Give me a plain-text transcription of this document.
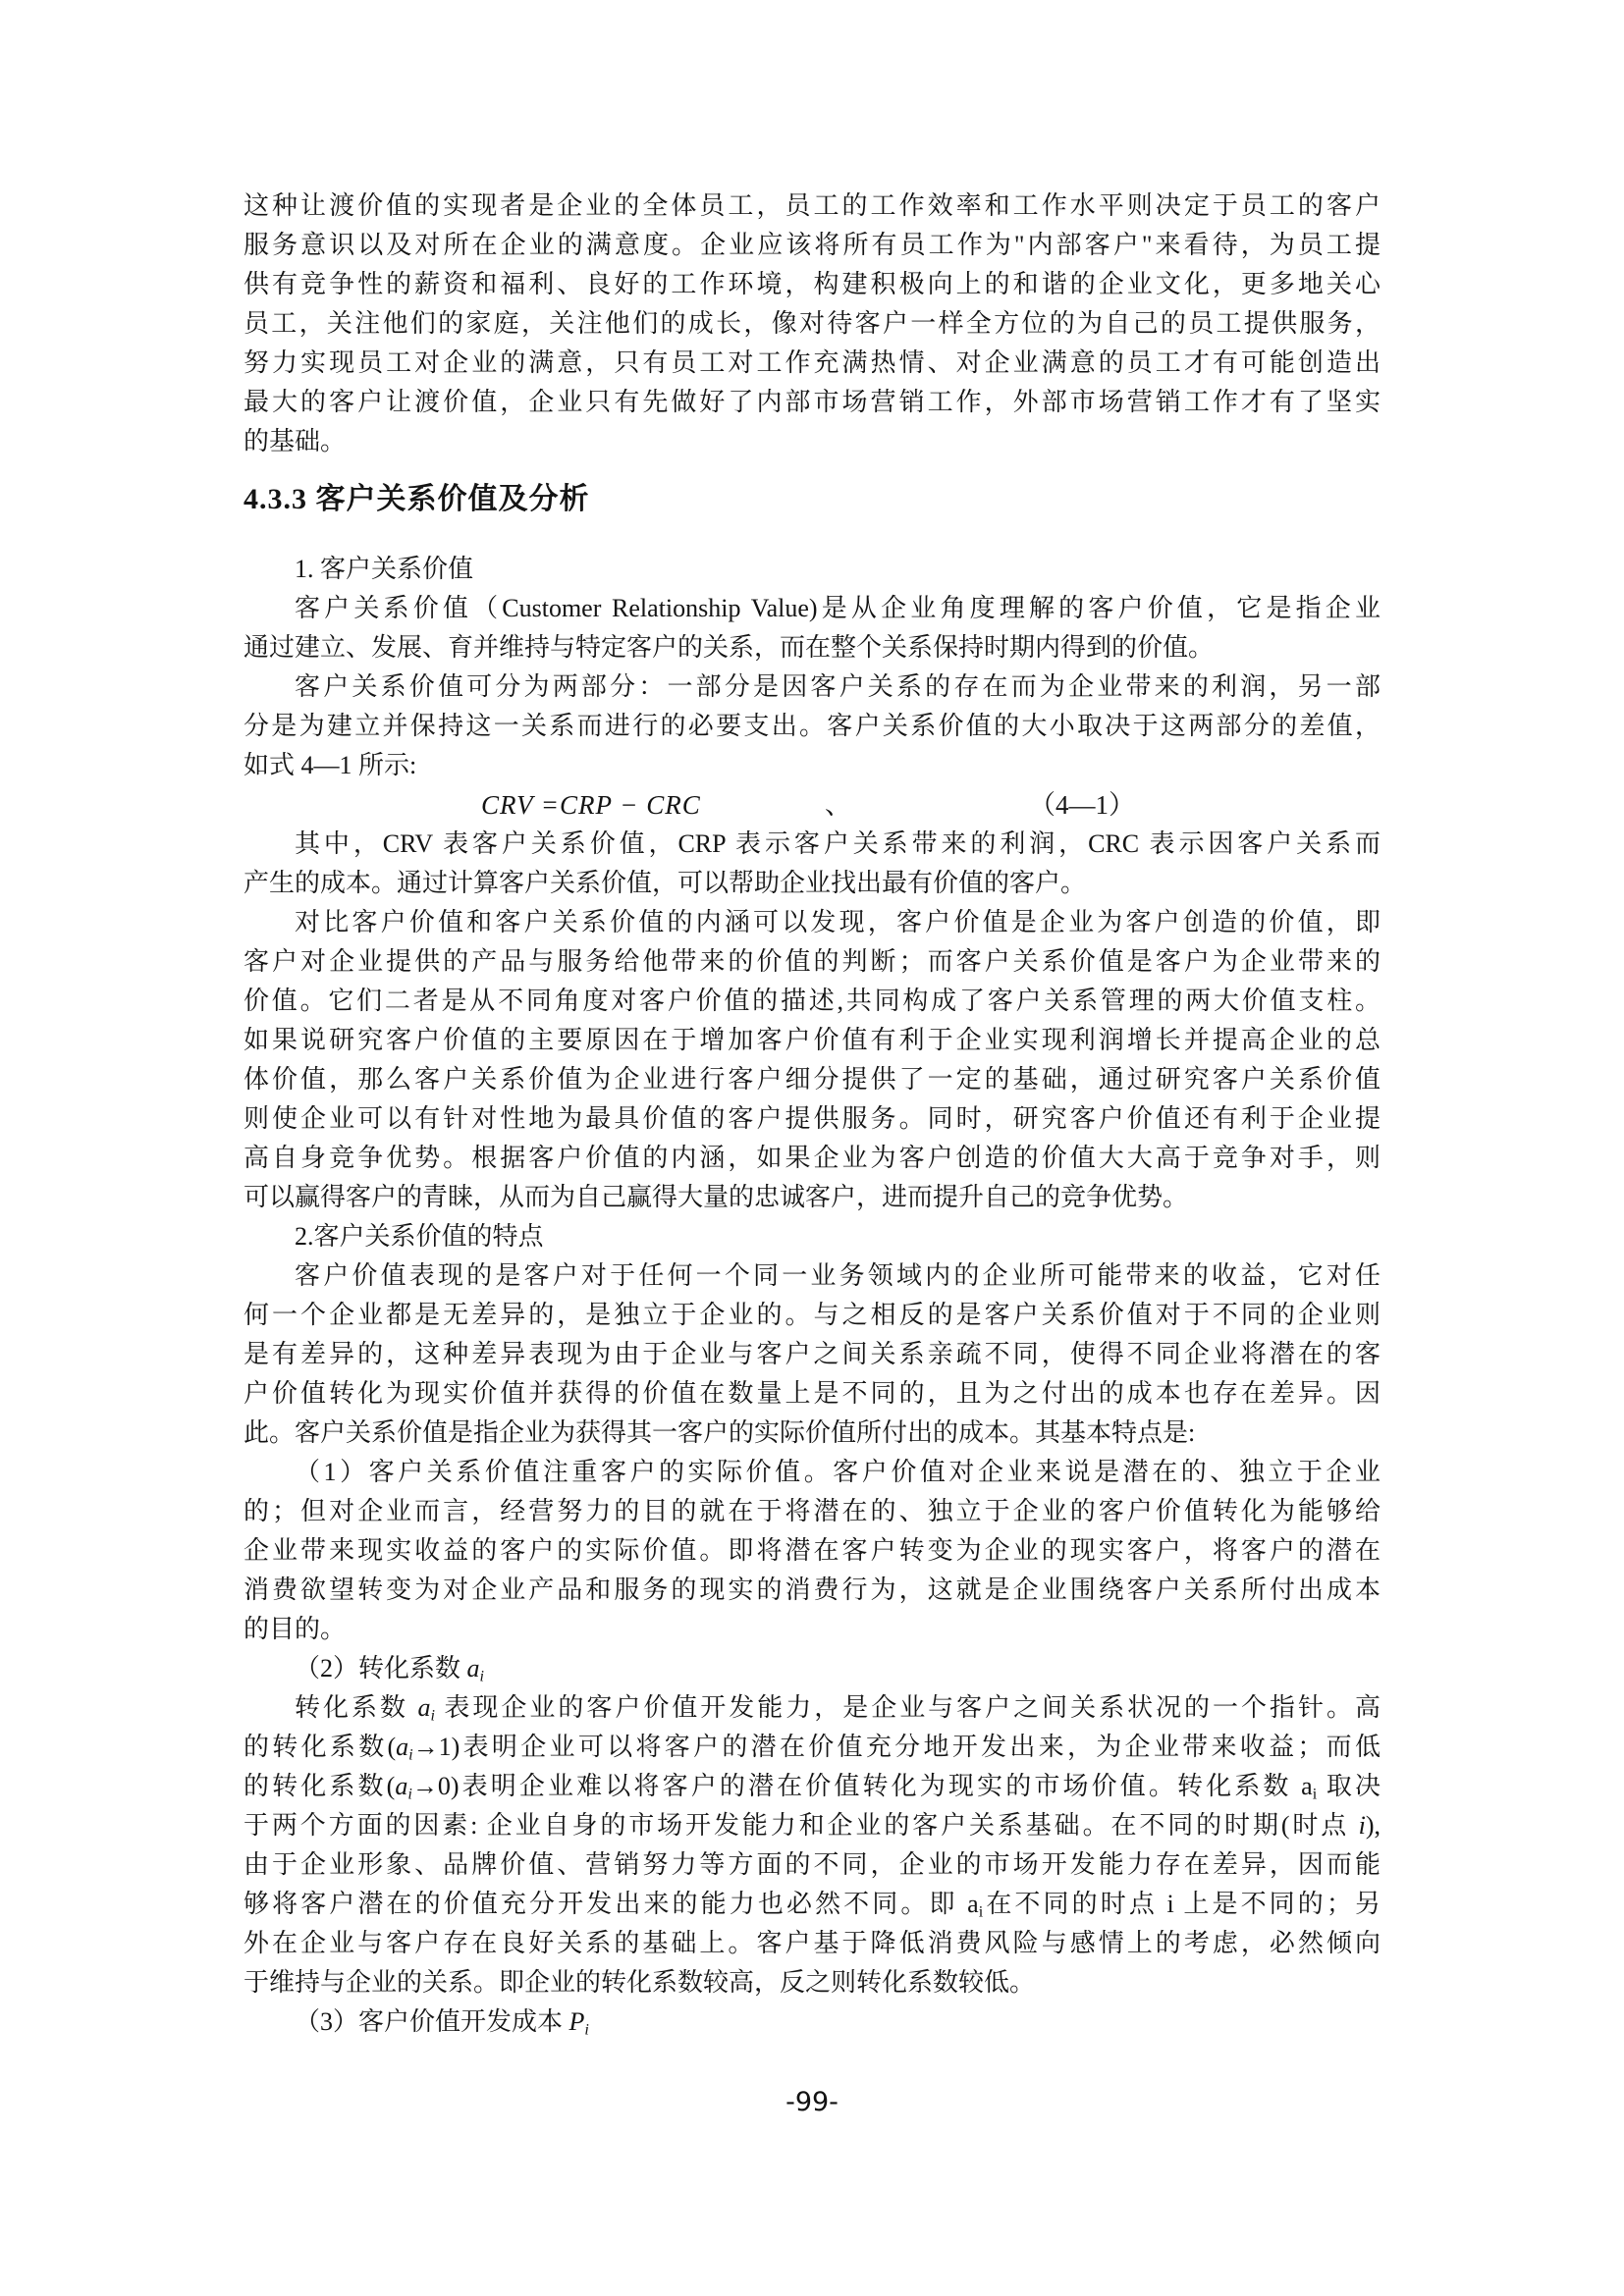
这种让渡价值的实现者是企业的全体员工，员工的工作效率和工作水平则决定于员工的客户
服务意识以及对所在企业的满意度。企业应该将所有员工作为"内部客户"来看待，为员工提
供有竞争性的薪资和福利、良好的工作环境，构建积极向上的和谐的企业文化，更多地关心
员工，关注他们的家庭，关注他们的成长，像对待客户一样全方位的为自己的员工提供服务，
努力实现员工对企业的满意，只有员工对工作充满热情、对企业满意的员工才有可能创造出
最大的客户让渡价值，企业只有先做好了内部市场营销工作，外部市场营销工作才有了坚实
的基础。
4.3.3 客户关系价值及分析
1. 客户关系价值
客户关系价值（Customer Relationship Value)是从企业角度理解的客户价值，它是指企业
通过建立、发展、育并维持与特定客户的关系，而在整个关系保持时期内得到的价值。
客户关系价值可分为两部分：一部分是因客户关系的存在而为企业带来的利润，另一部
分是为建立并保持这一关系而进行的必要支出。客户关系价值的大小取决于这两部分的差值，
如式 4—1 所示:
CRV =CRP − CRC	、	（4—1）
其中，CRV 表客户关系价值，CRP 表示客户关系带来的利润，CRC 表示因客户关系而
产生的成本。通过计算客户关系价值，可以帮助企业找出最有价值的客户。
对比客户价值和客户关系价值的内涵可以发现，客户价值是企业为客户创造的价值，即
客户对企业提供的产品与服务给他带来的价值的判断；而客户关系价值是客户为企业带来的
价值。它们二者是从不同角度对客户价值的描述,共同构成了客户关系管理的两大价值支柱。
如果说研究客户价值的主要原因在于增加客户价值有利于企业实现利润增长并提高企业的总
体价值，那么客户关系价值为企业进行客户细分提供了一定的基础，通过研究客户关系价值
则使企业可以有针对性地为最具价值的客户提供服务。同时，研究客户价值还有利于企业提
高自身竞争优势。根据客户价值的内涵，如果企业为客户创造的价值大大高于竞争对手，则
可以赢得客户的青睐，从而为自己赢得大量的忠诚客户，进而提升自己的竞争优势。
2.客户关系价值的特点
客户价值表现的是客户对于任何一个同一业务领域内的企业所可能带来的收益，它对任
何一个企业都是无差异的，是独立于企业的。与之相反的是客户关系价值对于不同的企业则
是有差异的，这种差异表现为由于企业与客户之间关系亲疏不同，使得不同企业将潜在的客
户价值转化为现实价值并获得的价值在数量上是不同的，且为之付出的成本也存在差异。因
此。客户关系价值是指企业为获得其一客户的实际价值所付出的成本。其基本特点是:
（1）客户关系价值注重客户的实际价值。客户价值对企业来说是潜在的、独立于企业
的；但对企业而言，经营努力的目的就在于将潜在的、独立于企业的客户价值转化为能够给
企业带来现实收益的客户的实际价值。即将潜在客户转变为企业的现实客户，将客户的潜在
消费欲望转变为对企业产品和服务的现实的消费行为，这就是企业围绕客户关系所付出成本
的目的。
（2）转化系数 $a_i$
转化系数 $a_i$ 表现企业的客户价值开发能力，是企业与客户之间关系状况的一个指针。高
的转化系数$(a_i\to 1)$表明企业可以将客户的潜在价值充分地开发出来，为企业带来收益；而低
的转化系数$(a_i\to 0)$表明企业难以将客户的潜在价值转化为现实的市场价值。转化系数 $a_i$ 取决
于两个方面的因素: 企业自身的市场开发能力和企业的客户关系基础。在不同的时期(时点 i),
由于企业形象、品牌价值、营销努力等方面的不同，企业的市场开发能力存在差异，因而能
够将客户潜在的价值充分开发出来的能力也必然不同。即 $a_i$在不同的时点 i 上是不同的；另
外在企业与客户存在良好关系的基础上。客户基于降低消费风险与感情上的考虑，必然倾向
于维持与企业的关系。即企业的转化系数较高，反之则转化系数较低。
（3）客户价值开发成本 $P_i$
-99-
